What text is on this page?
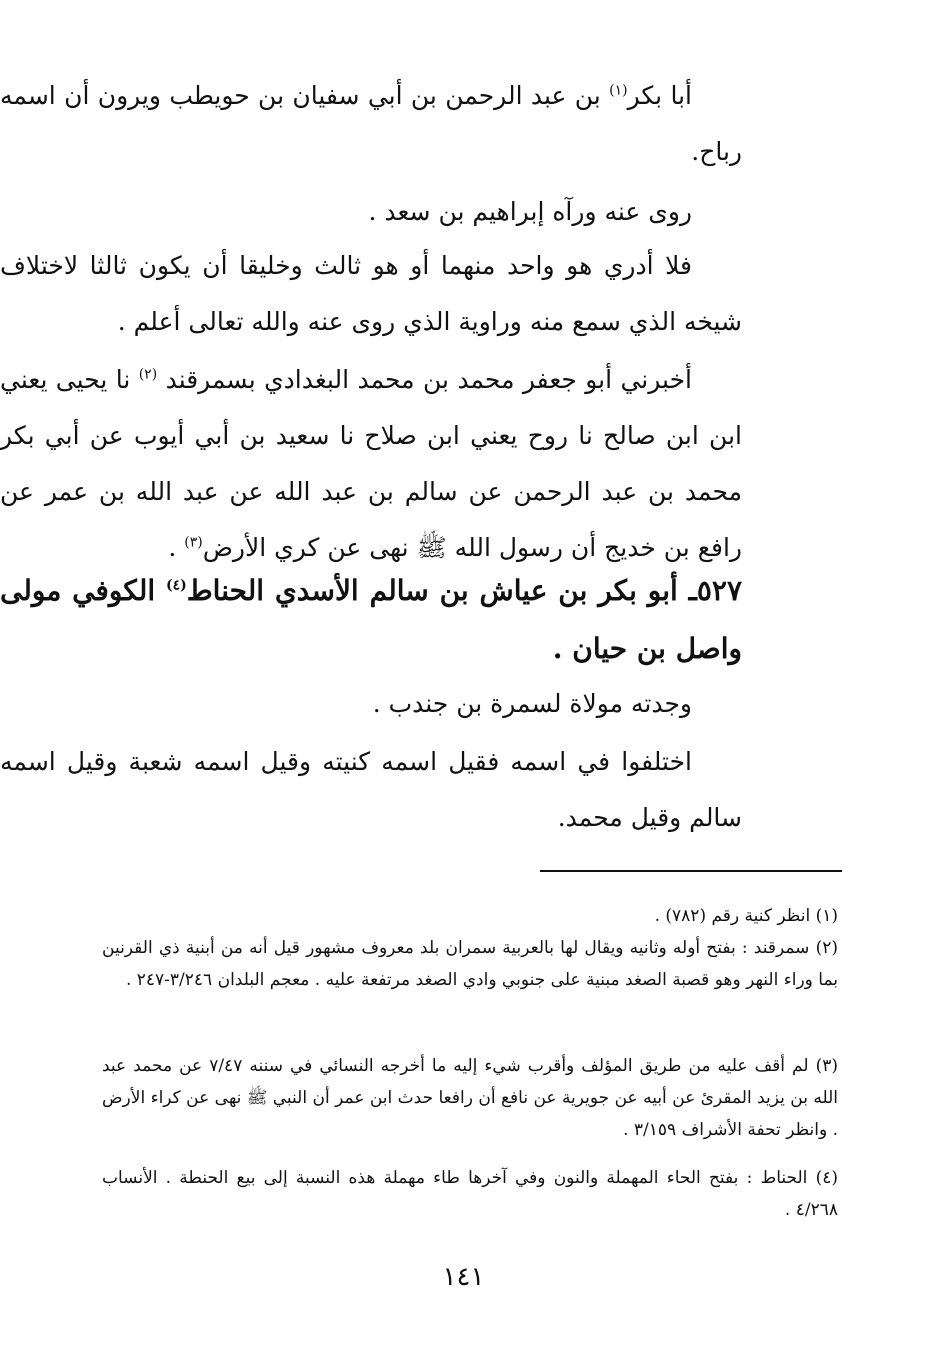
أبا بكر$^{(١)}$ بن عبد الرحمن بن أبي سفيان بن حويطب ويرون أن اسمه رباح.
روى عنه ورآه إبراهيم بن سعد .
فلا أدري هو واحد منهما أو هو ثالث وخليقا أن يكون ثالثا لاختلاف شيخه الذي سمع منه وراوية الذي روى عنه والله تعالى أعلم .
أخبرني أبو جعفر محمد بن محمد البغدادي بسمرقند $^{(٢)}$ نا يحيى يعني ابن ابن صالح نا روح يعني ابن صلاح نا سعيد بن أبي أيوب عن أبي بكر محمد بن عبد الرحمن عن سالم بن عبد الله عن عبد الله بن عمر عن رافع بن خديج أن رسول الله ﷺ نهى عن كري الأرض$^{(٣)}$ .
٥٢٧ـ أبو بكر بن عياش بن سالم الأسدي الحناط$^{(٤)}$ الكوفي مولى واصل بن حيان .
وجدته مولاة لسمرة بن جندب .
اختلفوا في اسمه فقيل اسمه كنيته وقيل اسمه شعبة وقيل اسمه سالم وقيل محمد.
(١) انظر كنية رقم (٧٨٢) .
(٢) سمرقند : بفتح أوله وثانيه ويقال لها بالعربية سمران بلد معروف مشهور قيل أنه من أبنية ذي القرنين بما وراء النهر وهو قصبة الصغد مبنية على جنوبي وادي الصغد مرتفعة عليه . معجم البلدان ٣/٢٤٦-٢٤٧ .
(٣) لم أقف عليه من طريق المؤلف وأقرب شيء إليه ما أخرجه النسائي في سننه ٧/٤٧ عن محمد عبد الله بن يزيد المقرئ عن أبيه عن جويرية عن نافع أن رافعا حدث ابن عمر أن النبي ﷺ نهى عن كراء الأرض . وانظر تحفة الأشراف ٣/١٥٩ .
(٤) الحناط : بفتح الحاء المهملة والنون وفي آخرها طاء مهملة هذه النسبة إلى بيع الحنطة . الأنساب ٤/٢٦٨ .
١٤١
